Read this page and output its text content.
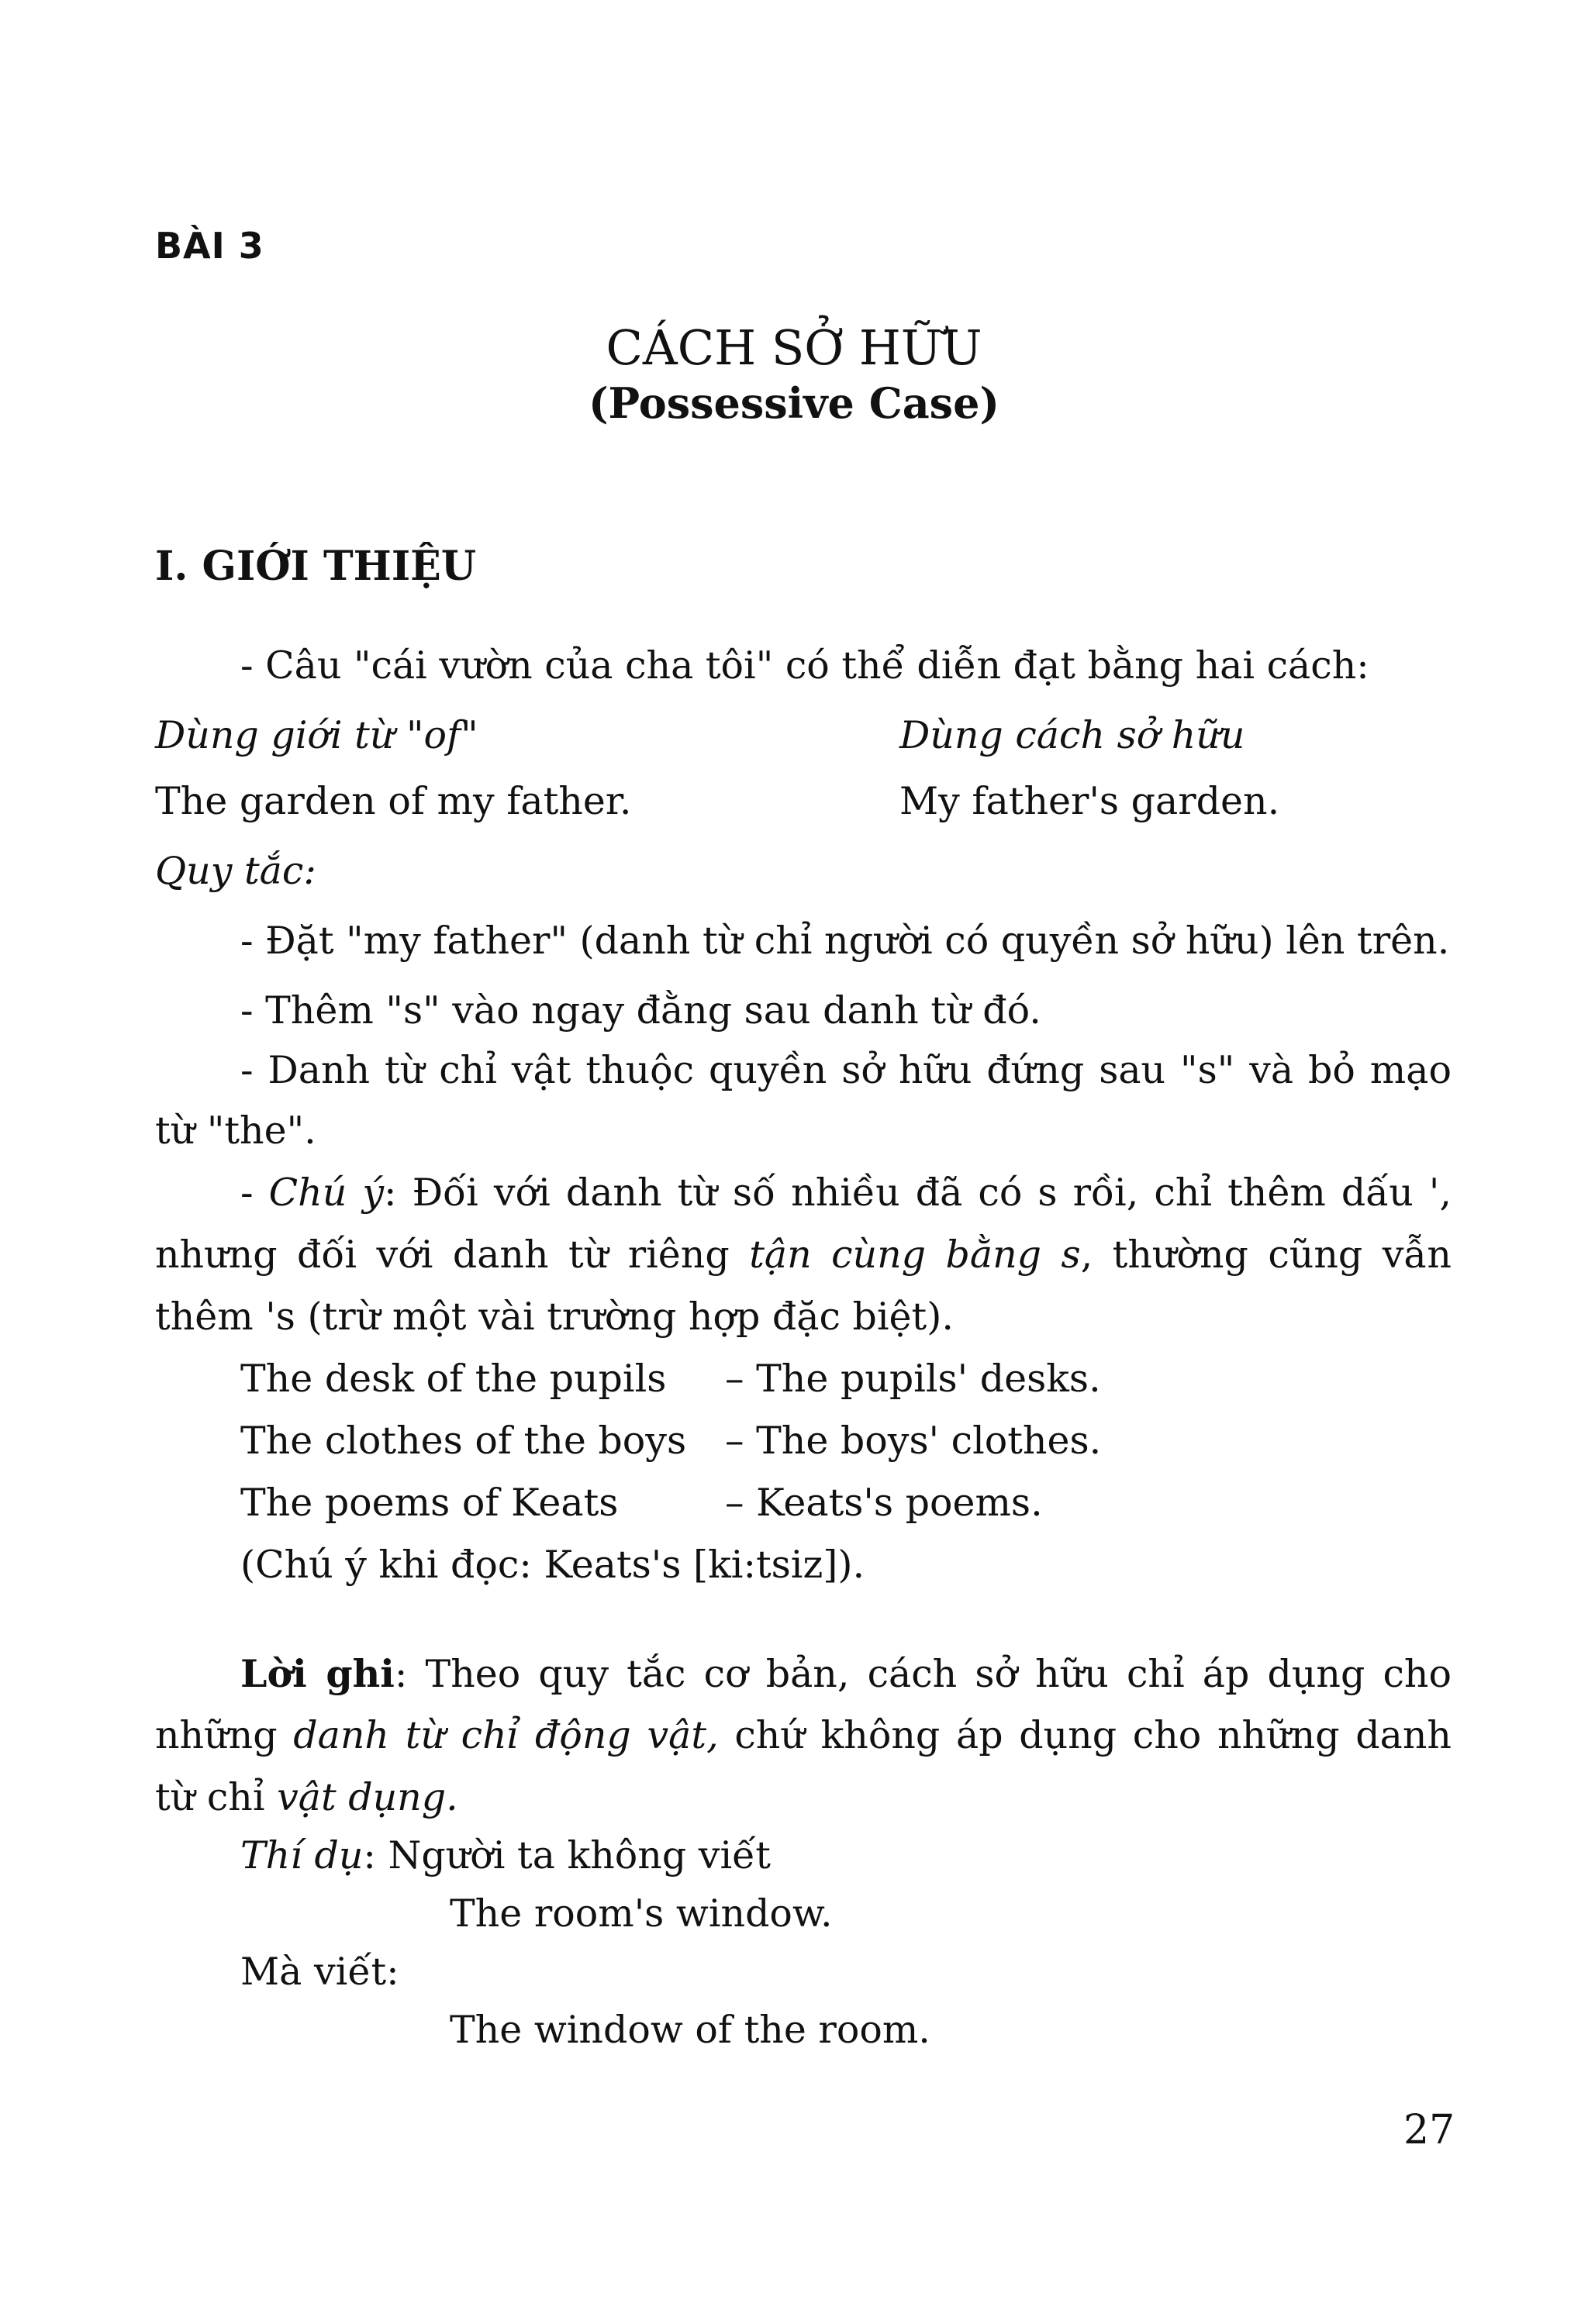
BÀI 3
CÁCH SỞ HỮU
(Possessive Case)
I. GIỚI THIỆU
- Câu "cái vườn của cha tôi" có thể diễn đạt bằng hai cách:
Dùng giới từ "of"	Dùng cách sở hữu
The garden of my father.	My father's garden.
Quy tắc:
- Đặt "my father" (danh từ chỉ người có quyền sở hữu) lên trên.
- Thêm "s" vào ngay đằng sau danh từ đó.
- Danh từ chỉ vật thuộc quyền sở hữu đứng sau "s" và bỏ mạo
từ "the".
- Chú ý: Đối với danh từ số nhiều đã có s rồi, chỉ thêm dấu ',
nhưng đối với danh từ riêng tận cùng bằng s, thường cũng vẫn
thêm 's (trừ một vài trường hợp đặc biệt).
The desk of the pupils – The pupils' desks.
The clothes of the boys – The boys' clothes.
The poems of Keats	– Keats's poems.
(Chú ý khi đọc: Keats's [ki:tsiz]).
Lời ghi: Theo quy tắc cơ bản, cách sở hữu chỉ áp dụng cho
những danh từ chỉ động vật, chứ không áp dụng cho những danh
từ chỉ vật dụng.
Thí dụ: Người ta không viết
The room's window.
Mà viết:
The window of the room.
27
